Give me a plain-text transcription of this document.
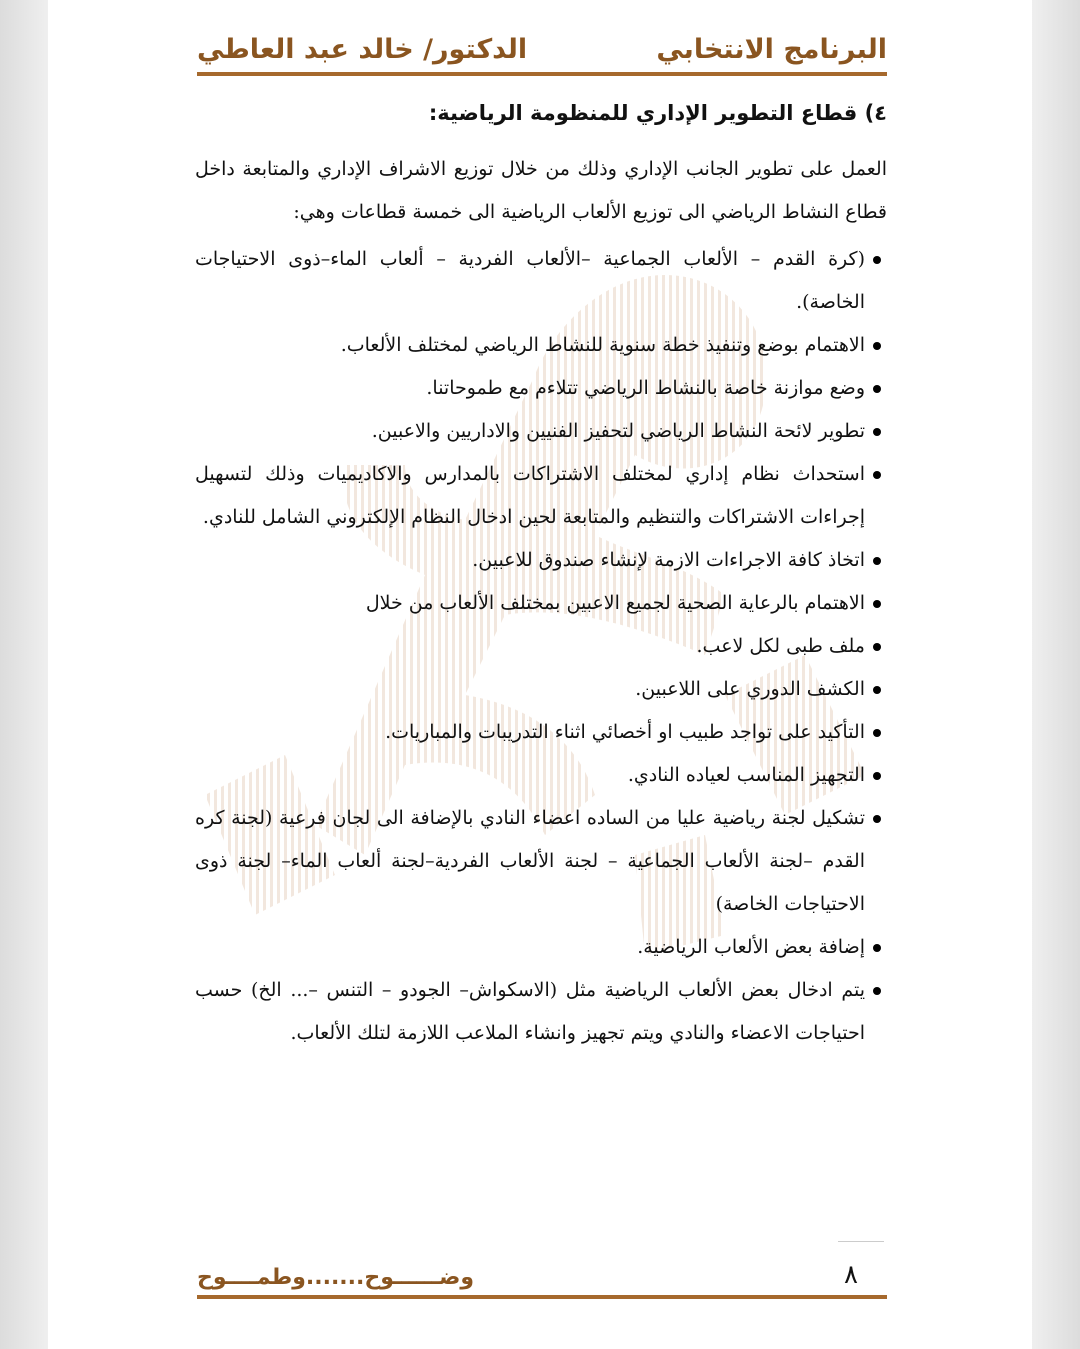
البرنامج الانتخابي
الدكتور/ خالد عبد العاطي
٤) قطاع التطوير الإداري للمنظومة الرياضية:

العمل على تطوير الجانب الإداري وذلك من خلال توزيع الاشراف الإداري والمتابعة داخل قطاع النشاط الرياضي الى توزيع الألعاب الرياضية الى خمسة قطاعات وهي:

(كرة القدم – الألعاب الجماعية –الألعاب الفردية – ألعاب الماء–ذوى الاحتياجات الخاصة).
الاهتمام بوضع وتنفيذ خطة سنوية للنشاط الرياضي لمختلف الألعاب.
وضع موازنة خاصة بالنشاط الرياضي تتلاءم مع طموحاتنا.
تطوير لائحة النشاط الرياضي لتحفيز الفنيين والاداريين والاعبين.
استحداث نظام إداري لمختلف الاشتراكات بالمدارس والاكاديميات وذلك لتسهيل إجراءات الاشتراكات والتنظيم والمتابعة لحين ادخال النظام الإلكتروني الشامل للنادي.
اتخاذ كافة الاجراءات الازمة لإنشاء صندوق للاعبين.
الاهتمام بالرعاية الصحية لجميع الاعبين بمختلف الألعاب من خلال
ملف طبى لكل لاعب.
الكشف الدوري على اللاعبين.
التأكيد على تواجد طبيب او أخصائي اثناء التدريبات والمباريات.
التجهيز المناسب لعياده النادي.
تشكيل لجنة رياضية عليا من الساده اعضاء النادي بالإضافة الى لجان فرعية (لجنة كره القدم –لجنة الألعاب الجماعية – لجنة الألعاب الفردية–لجنة ألعاب الماء– لجنة ذوى الاحتياجات الخاصة)
إضافة بعض الألعاب الرياضية.
يتم ادخال بعض الألعاب الرياضية مثل (الاسكواش– الجودو – التنس –... الخ) حسب احتياجات الاعضاء والنادي ويتم تجهيز وانشاء الملاعب اللازمة لتلك الألعاب.
٨
وضــــــوح.......وطمــــوح
